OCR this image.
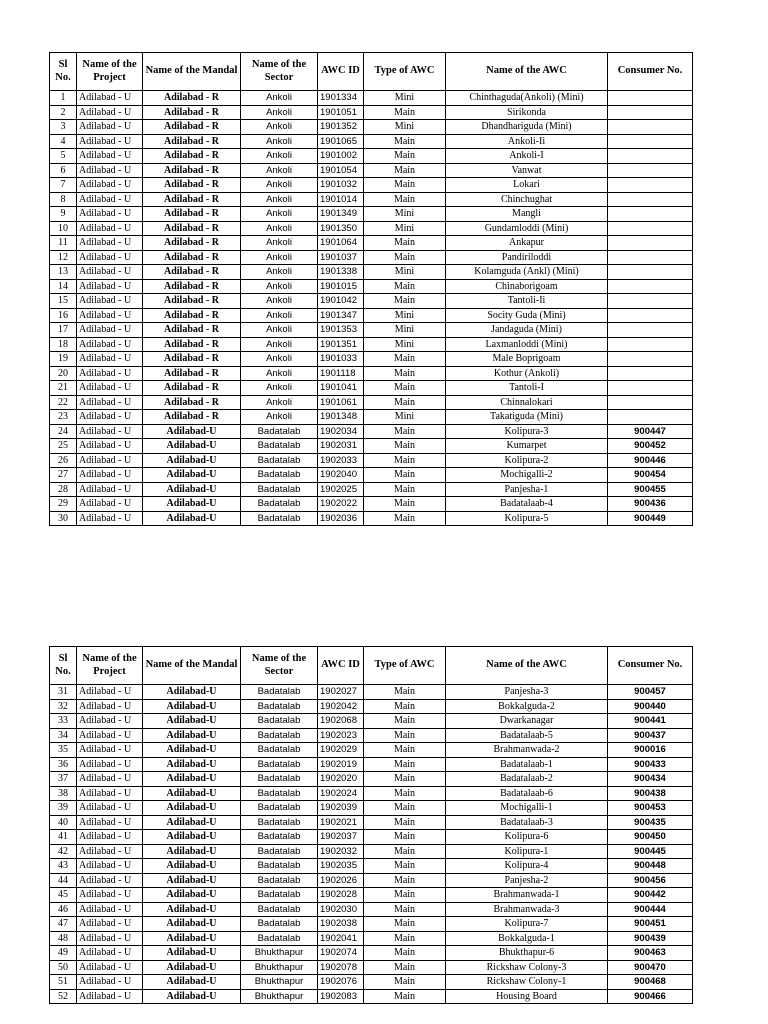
Sl No.	Name of the Project	Name of the Mandal	Name of the Sector	AWC ID	Type of AWC	Name of the AWC	Consumer No.
1	Adilabad - U	Adilabad - R	Ankoli	1901334	Mini	Chinthaguda(Ankoli) (Mini)	
2	Adilabad - U	Adilabad - R	Ankoli	1901051	Main	Sirikonda	
3	Adilabad - U	Adilabad - R	Ankoli	1901352	Mini	Dhandhariguda (Mini)	
4	Adilabad - U	Adilabad - R	Ankoli	1901065	Main	Ankoli-Ii	
5	Adilabad - U	Adilabad - R	Ankoli	1901002	Main	Ankoli-I	
6	Adilabad - U	Adilabad - R	Ankoli	1901054	Main	Vanwat	
7	Adilabad - U	Adilabad - R	Ankoli	1901032	Main	Lokari	
8	Adilabad - U	Adilabad - R	Ankoli	1901014	Main	Chinchughat	
9	Adilabad - U	Adilabad - R	Ankoli	1901349	Mini	Mangli	
10	Adilabad - U	Adilabad - R	Ankoli	1901350	Mini	Gundamloddi (Mini)	
11	Adilabad - U	Adilabad - R	Ankoli	1901064	Main	Ankapur	
12	Adilabad - U	Adilabad - R	Ankoli	1901037	Main	Pandiriloddi	
13	Adilabad - U	Adilabad - R	Ankoli	1901338	Mini	Kolamguda (Ankl) (Mini)	
14	Adilabad - U	Adilabad - R	Ankoli	1901015	Main	Chinaborigoam	
15	Adilabad - U	Adilabad - R	Ankoli	1901042	Main	Tantoli-Ii	
16	Adilabad - U	Adilabad - R	Ankoli	1901347	Mini	Socity Guda (Mini)	
17	Adilabad - U	Adilabad - R	Ankoli	1901353	Mini	Jandaguda (Mini)	
18	Adilabad - U	Adilabad - R	Ankoli	1901351	Mini	Laxmanloddi (Mini)	
19	Adilabad - U	Adilabad - R	Ankoli	1901033	Main	Male Boprigoam	
20	Adilabad - U	Adilabad - R	Ankoli	1901118	Main	Kothur (Ankoli)	
21	Adilabad - U	Adilabad - R	Ankoli	1901041	Main	Tantoli-I	
22	Adilabad - U	Adilabad - R	Ankoli	1901061	Main	Chinnalokari	
23	Adilabad - U	Adilabad - R	Ankoli	1901348	Mini	Takatiguda (Mini)	
24	Adilabad - U	Adilabad-U	Badatalab	1902034	Main	Kolipura-3	900447
25	Adilabad - U	Adilabad-U	Badatalab	1902031	Main	Kumarpet	900452
26	Adilabad - U	Adilabad-U	Badatalab	1902033	Main	Kolipura-2	900446
27	Adilabad - U	Adilabad-U	Badatalab	1902040	Main	Mochigalli-2	900454
28	Adilabad - U	Adilabad-U	Badatalab	1902025	Main	Panjesha-1	900455
29	Adilabad - U	Adilabad-U	Badatalab	1902022	Main	Badatalaab-4	900436
30	Adilabad - U	Adilabad-U	Badatalab	1902036	Main	Kolipura-5	900449
Sl No.	Name of the Project	Name of the Mandal	Name of the Sector	AWC ID	Type of AWC	Name of the AWC	Consumer No.
31	Adilabad - U	Adilabad-U	Badatalab	1902027	Main	Panjesha-3	900457
32	Adilabad - U	Adilabad-U	Badatalab	1902042	Main	Bokkalguda-2	900440
33	Adilabad - U	Adilabad-U	Badatalab	1902068	Main	Dwarkanagar	900441
34	Adilabad - U	Adilabad-U	Badatalab	1902023	Main	Badatalaab-5	900437
35	Adilabad - U	Adilabad-U	Badatalab	1902029	Main	Brahmanwada-2	900016
36	Adilabad - U	Adilabad-U	Badatalab	1902019	Main	Badatalaab-1	900433
37	Adilabad - U	Adilabad-U	Badatalab	1902020	Main	Badatalaab-2	900434
38	Adilabad - U	Adilabad-U	Badatalab	1902024	Main	Badatalaab-6	900438
39	Adilabad - U	Adilabad-U	Badatalab	1902039	Main	Mochigalli-1	900453
40	Adilabad - U	Adilabad-U	Badatalab	1902021	Main	Badatalaab-3	900435
41	Adilabad - U	Adilabad-U	Badatalab	1902037	Main	Kolipura-6	900450
42	Adilabad - U	Adilabad-U	Badatalab	1902032	Main	Kolipura-1	900445
43	Adilabad - U	Adilabad-U	Badatalab	1902035	Main	Kolipura-4	900448
44	Adilabad - U	Adilabad-U	Badatalab	1902026	Main	Panjesha-2	900456
45	Adilabad - U	Adilabad-U	Badatalab	1902028	Main	Brahmanwada-1	900442
46	Adilabad - U	Adilabad-U	Badatalab	1902030	Main	Brahmanwada-3	900444
47	Adilabad - U	Adilabad-U	Badatalab	1902038	Main	Kolipura-7	900451
48	Adilabad - U	Adilabad-U	Badatalab	1902041	Main	Bokkalguda-1	900439
49	Adilabad - U	Adilabad-U	Bhukthapur	1902074	Main	Bhukthapur-6	900463
50	Adilabad - U	Adilabad-U	Bhukthapur	1902078	Main	Rickshaw Colony-3	900470
51	Adilabad - U	Adilabad-U	Bhukthapur	1902076	Main	Rickshaw Colony-1	900468
52	Adilabad - U	Adilabad-U	Bhukthapur	1902083	Main	Housing Board	900466
